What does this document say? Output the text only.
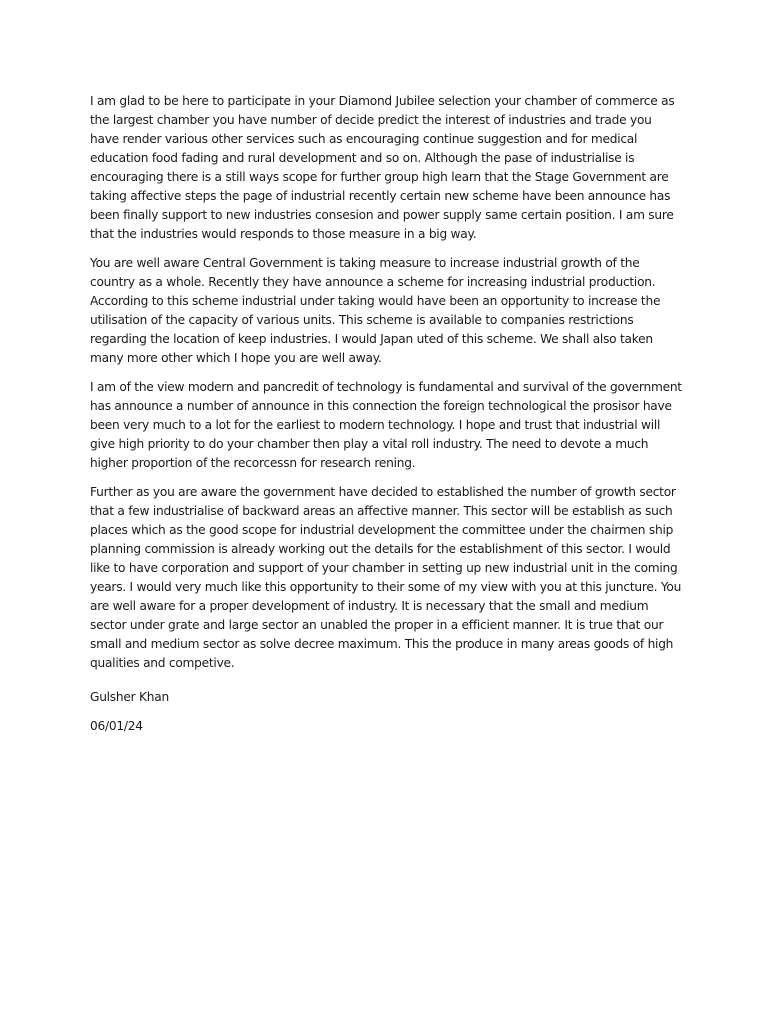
I am glad to be here to participate in your Diamond Jubilee selection your chamber of commerce as the largest chamber you have number of decide predict the interest of industries and trade you have render various other services such as encouraging continue suggestion and for medical education food fading and rural development and so on. Although the pase of industrialise is encouraging there is a still ways scope for further group high learn that the Stage Government are taking affective steps the page of industrial recently certain new scheme have been announce has been finally support to new industries consesion and power supply same certain position. I am sure that the industries would responds to those measure in a big way.

You are well aware Central Government is taking measure to increase industrial growth of the country as a whole. Recently they have announce a scheme for increasing industrial production. According to this scheme industrial under taking would have been an opportunity to increase the utilisation of the capacity of various units. This scheme is available to companies restrictions regarding the location of keep industries. I would Japan uted of this scheme. We shall also taken many more other which I hope you are well away.

I am of the view modern and pancredit of technology is fundamental and survival of the government has announce a number of announce in this connection the foreign technological the prosisor have been very much to a lot for the earliest to modern technology. I hope and trust that industrial will give high priority to do your chamber then play a vital roll industry. The need to devote a much higher proportion of the recorcessn for research rening.

Further as you are aware the government have decided to established the number of growth sector that a few industrialise of backward areas an affective manner. This sector will be establish as such places which as the good scope for industrial development the committee under the chairmen ship planning commission is already working out the details for the establishment of this sector. I would like to have corporation and support of your chamber in setting up new industrial unit in the coming years. I would very much like this opportunity to their some of my view with you at this juncture. You are well aware for a proper development of industry. It is necessary that the small and medium sector under grate and large sector an unabled the proper in a efficient manner. It is true that our small and medium sector as solve decree maximum. This the produce in many areas goods of high qualities and competive.

Gulsher Khan
06/01/24
